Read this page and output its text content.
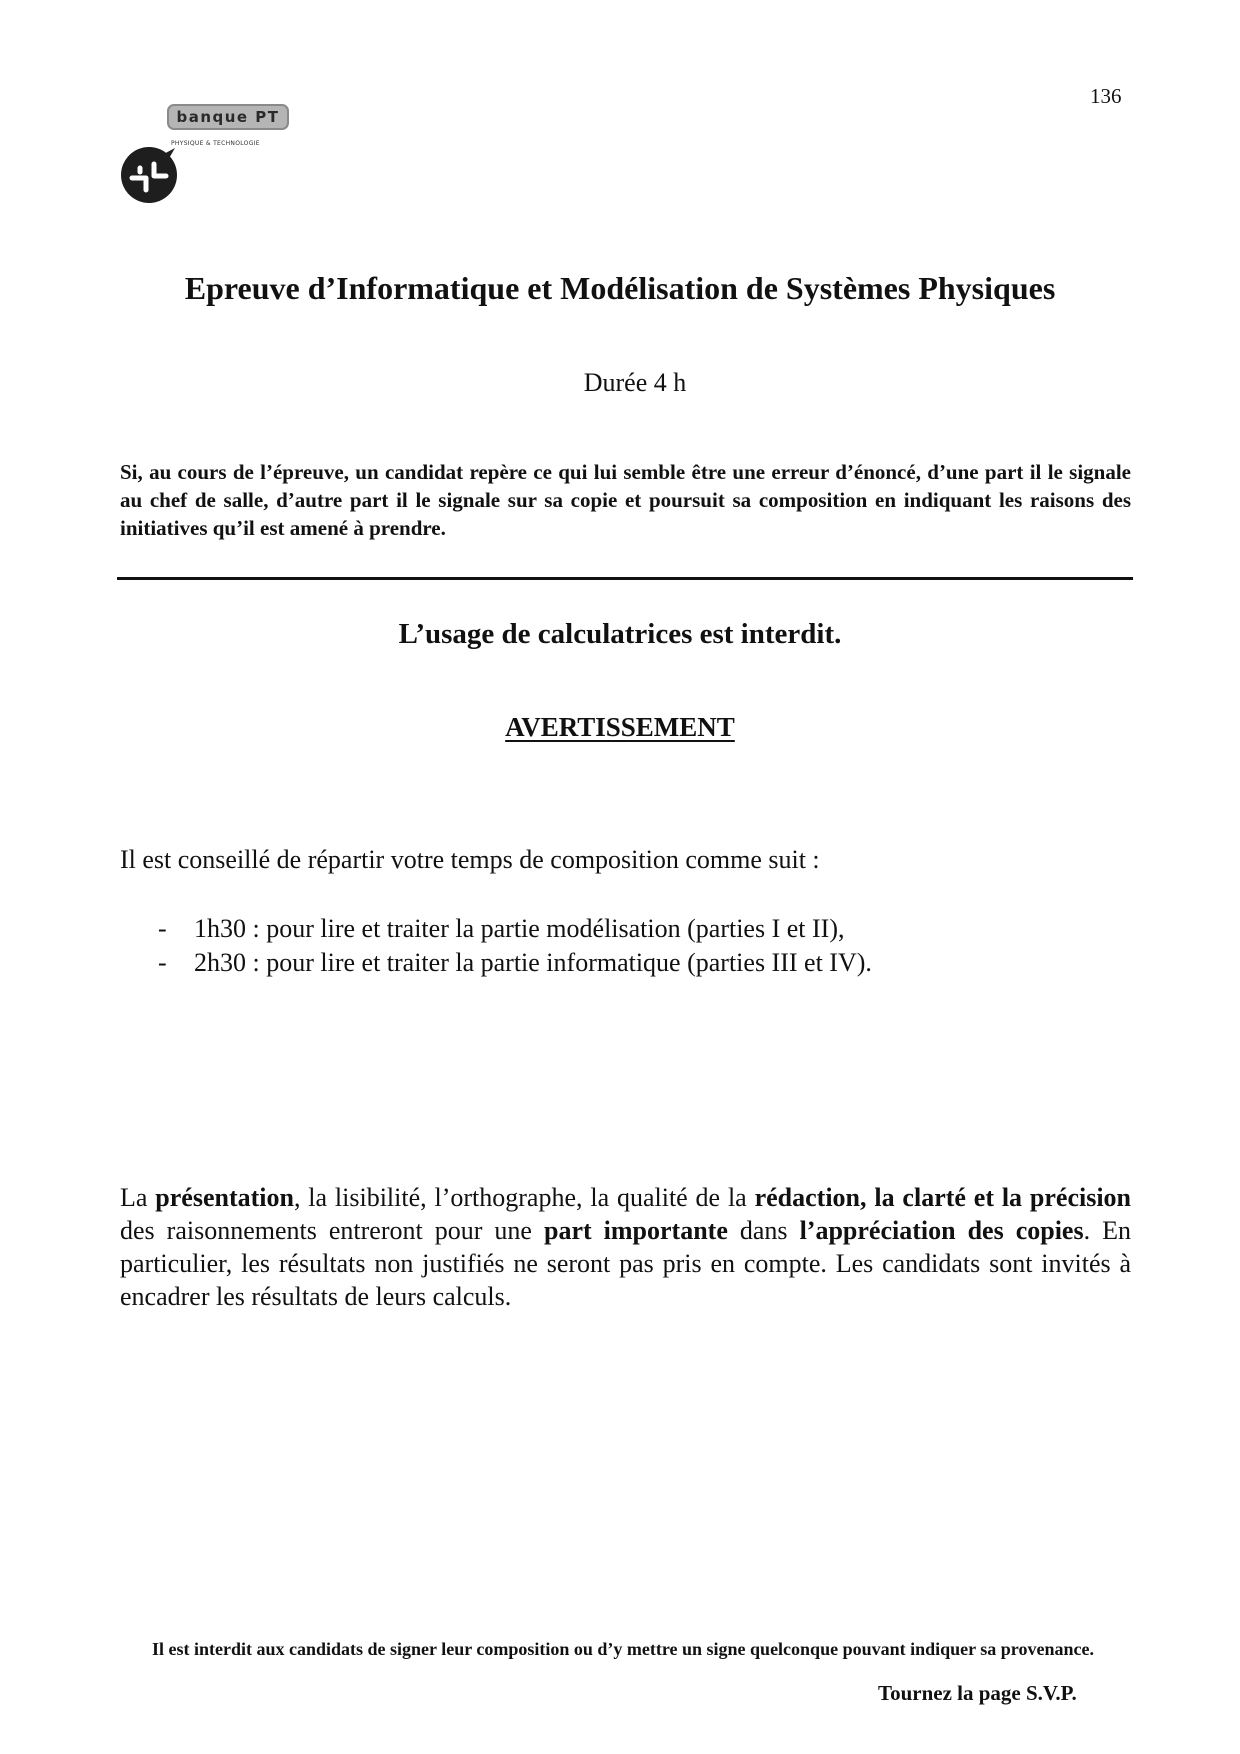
136
banque PT
PHYSIQUE & TECHNOLOGIE
Epreuve d’Informatique et Modélisation de Systèmes Physiques
Durée 4 h

Si, au cours de l’épreuve, un candidat repère ce qui lui semble être une erreur d’énoncé, d’une part il le signale au chef de salle, d’autre part il le signale sur sa copie et poursuit sa composition en indiquant les raisons des initiatives qu’il est amené à prendre.

L’usage de calculatrices est interdit.
AVERTISSEMENT
Il est conseillé de répartir votre temps de composition comme suit :
- 1h30 : pour lire et traiter la partie modélisation (parties I et II),
- 2h30 : pour lire et traiter la partie informatique (parties III et IV).

La présentation, la lisibilité, l’orthographe, la qualité de la rédaction, la clarté et la précision des raisonnements entreront pour une part importante dans l’appréciation des copies. En particulier, les résultats non justifiés ne seront pas pris en compte. Les candidats sont invités à encadrer les résultats de leurs calculs.

Il est interdit aux candidats de signer leur composition ou d’y mettre un signe quelconque pouvant indiquer sa provenance.
Tournez la page S.V.P.
